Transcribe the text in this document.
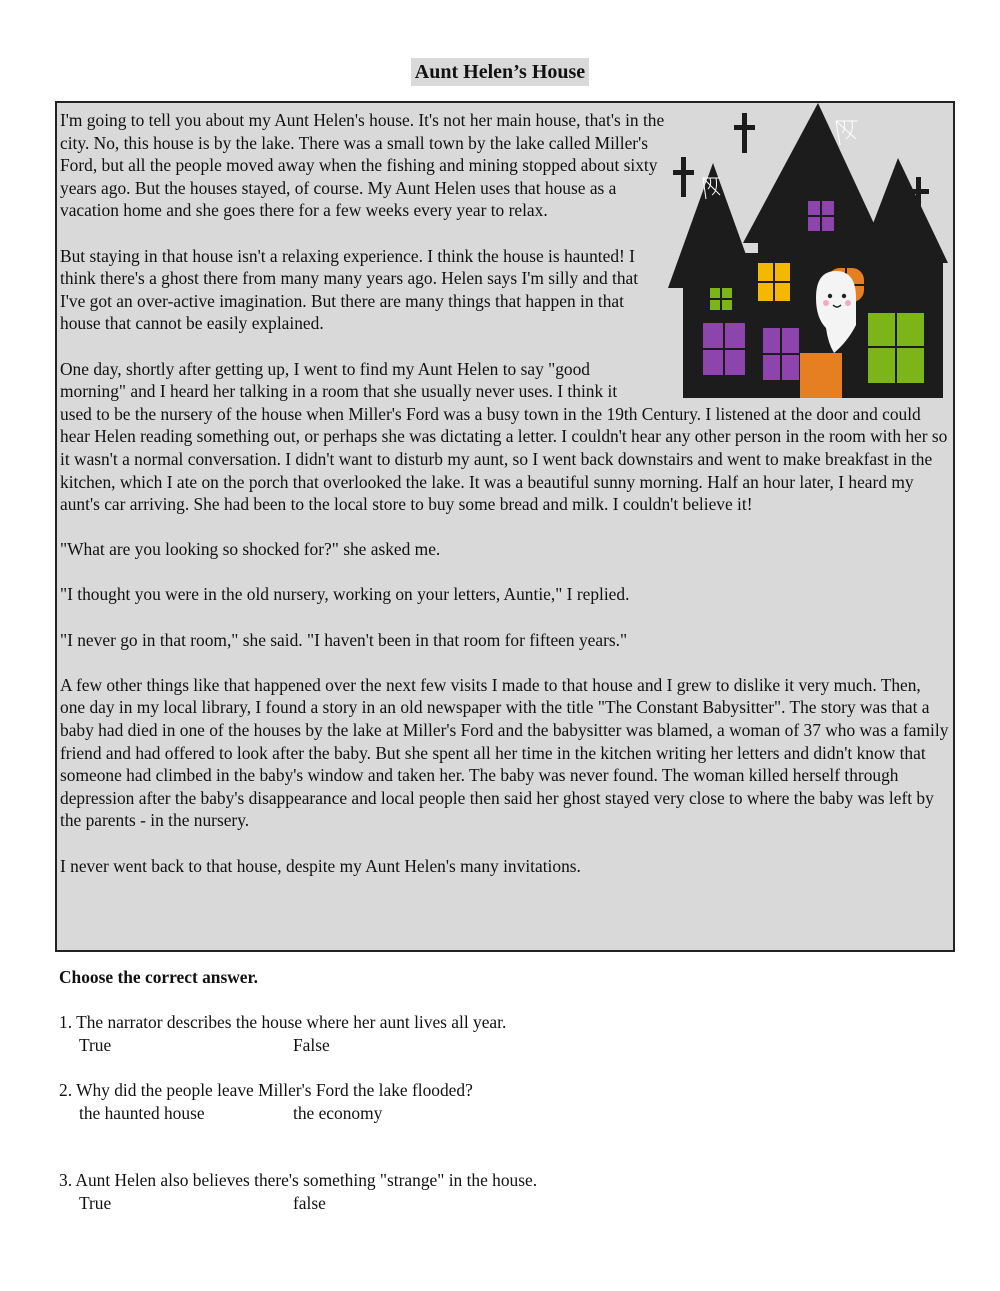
Aunt Helen’s House

I'm going to tell you about my Aunt Helen's house. It's not her main house, that's in the city. No, this house is by the lake. There was a small town by the lake called Miller's Ford, but all the people moved away when the fishing and mining stopped about sixty years ago. But the houses stayed, of course. My Aunt Helen uses that house as a vacation home and she goes there for a few weeks every year to relax.

But staying in that house isn't a relaxing experience. I think the house is haunted! I think there's a ghost there from many many years ago. Helen says I'm silly and that I've got an over-active imagination. But there are many things that happen in that house that cannot be easily explained.

One day, shortly after getting up, I went to find my Aunt Helen to say "good morning" and I heard her talking in a room that she usually never uses. I think it used to be the nursery of the house when Miller's Ford was a busy town in the 19th Century. I listened at the door and could hear Helen reading something out, or perhaps she was dictating a letter. I couldn't hear any other person in the room with her so it wasn't a normal conversation. I didn't want to disturb my aunt, so I went back downstairs and went to make breakfast in the kitchen, which I ate on the porch that overlooked the lake. It was a beautiful sunny morning. Half an hour later, I heard my aunt's car arriving. She had been to the local store to buy some bread and milk. I couldn't believe it!

"What are you looking so shocked for?" she asked me.

"I thought you were in the old nursery, working on your letters, Auntie," I replied.

"I never go in that room," she said. "I haven't been in that room for fifteen years."

A few other things like that happened over the next few visits I made to that house and I grew to dislike it very much. Then, one day in my local library, I found a story in an old newspaper with the title "The Constant Babysitter". The story was that a baby had died in one of the houses by the lake at Miller's Ford and the babysitter was blamed, a woman of 37 who was a family friend and had offered to look after the baby. But she spent all her time in the kitchen writing her letters and didn't know that someone had climbed in the baby's window and taken her. The baby was never found. The woman killed herself through depression after the baby's disappearance and local people then said her ghost stayed very close to where the baby was left by the parents - in the nursery.

I never went back to that house, despite my Aunt Helen's many invitations.

Choose the correct answer.
1. The narrator describes the house where her aunt lives all year.
True	False
2. Why did the people leave Miller's Ford the lake flooded?
the haunted house	the economy
3. Aunt Helen also believes there's something "strange" in the house.
True	false
